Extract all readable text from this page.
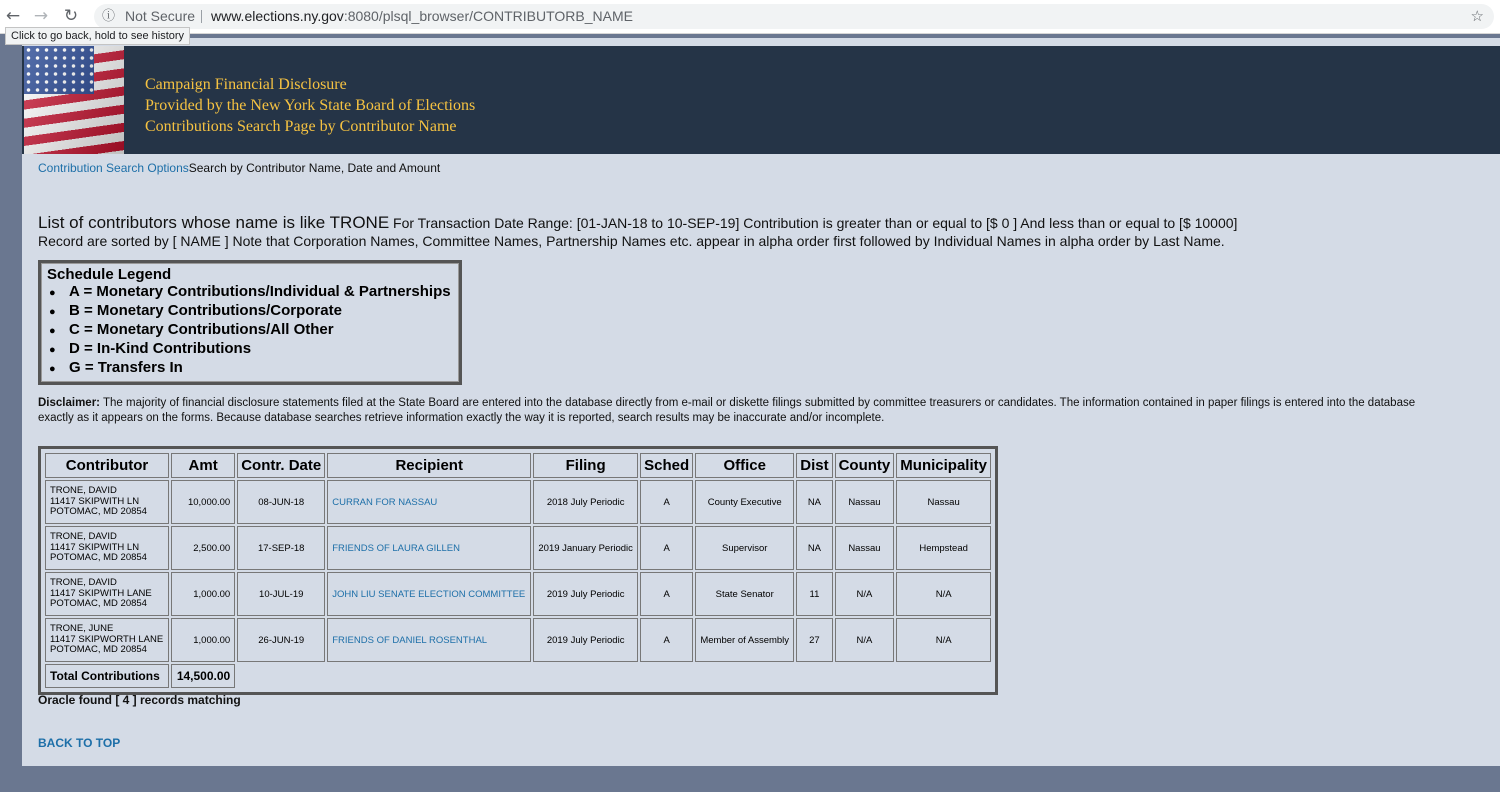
← → ↻ ⓘ Not Secure www.elections.ny.gov:8080/plsql_browser/CONTRIBUTORB_NAME	☆
Click to go back, hold to see history
Campaign Financial Disclosure
Provided by the New York State Board of Elections
Contributions Search Page by Contributor Name
Contribution Search OptionsSearch by Contributor Name, Date and Amount
List of contributors whose name is like TRONE For Transaction Date Range: [01-JAN-18 to 10-SEP-19] Contribution is greater than or equal to [$ 0 ] And less than or equal to [$ 10000]
Record are sorted by [ NAME ] Note that Corporation Names, Committee Names, Partnership Names etc. appear in alpha order first followed by Individual Names in alpha order by Last Name.
Schedule Legend
● A = Monetary Contributions/Individual & Partnerships
● B = Monetary Contributions/Corporate
● C = Monetary Contributions/All Other
● D = In-Kind Contributions
● G = Transfers In
Disclaimer: The majority of financial disclosure statements filed at the State Board are entered into the database directly from e-mail or diskette filings submitted by committee treasurers or candidates. The information contained in paper filings is entered into the database
exactly as it appears on the forms. Because database searches retrieve information exactly the way it is reported, search results may be inaccurate and/or incomplete.
Contributor	Amt	Contr. Date	Recipient	Filing	Sched	Office	Dist	County	Municipality

TRONE, DAVID
11417 SKIPWITH LN
POTOMAC, MD 20854	10,000.00	08-JUN-18	CURRAN FOR NASSAU	2018 July Periodic	A	County Executive	NA	Nassau	Nassau

TRONE, DAVID
11417 SKIPWITH LN
POTOMAC, MD 20854	2,500.00	17-SEP-18	FRIENDS OF LAURA GILLEN	2019 January Periodic	A	Supervisor	NA	Nassau	Hempstead

TRONE, DAVID
11417 SKIPWITH LANE
POTOMAC, MD 20854	1,000.00	10-JUL-19	JOHN LIU SENATE ELECTION COMMITTEE	2019 July Periodic	A	State Senator	11	N/A	N/A

TRONE, JUNE
11417 SKIPWORTH LANE
POTOMAC, MD 20854	1,000.00	26-JUN-19	FRIENDS OF DANIEL ROSENTHAL	2019 July Periodic	A	Member of Assembly	27	N/A	N/A
Total Contributions	14,500.00								
Oracle found [ 4 ] records matching
BACK TO TOP
